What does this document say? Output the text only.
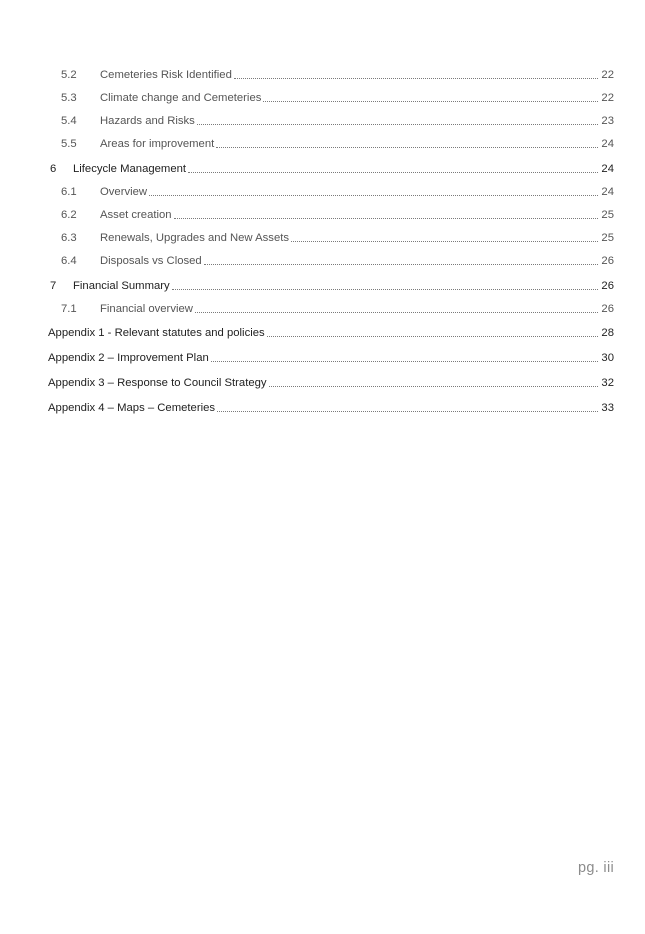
5.2	Cemeteries Risk Identified	22
5.3	Climate change and Cemeteries	22
5.4	Hazards and Risks	23
5.5	Areas for improvement	24
6	Lifecycle Management	24
6.1	Overview	24
6.2	Asset creation	25
6.3	Renewals, Upgrades and New Assets	25
6.4	Disposals vs Closed	26
7	Financial Summary	26
7.1	Financial overview	26
Appendix 1 - Relevant statutes and policies	28
Appendix 2 – Improvement Plan	30
Appendix 3 – Response to Council Strategy	32
Appendix 4 – Maps – Cemeteries	33
pg. iii
